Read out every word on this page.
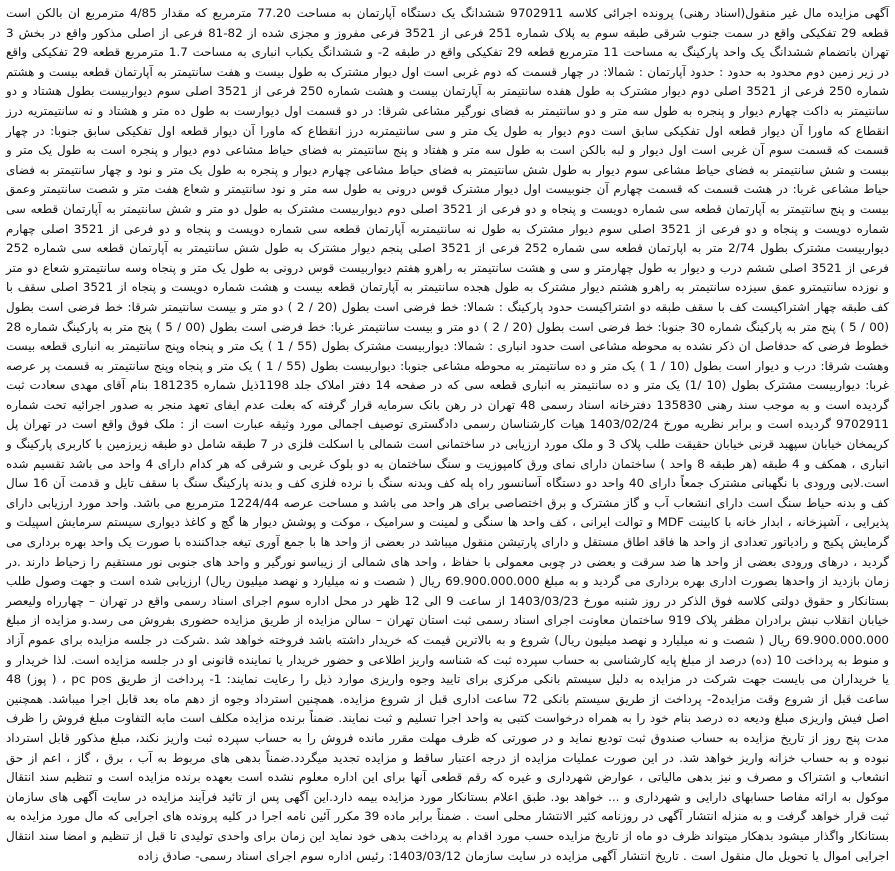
آگهی مزایده مال غیر منقول(اسناد رهنی) پرونده اجرائی کلاسه 9702911 ششدانگ یک دستگاه آپارتمان به مساحت 77.20 مترمربع که مقدار 4/85 مترمربع ان بالکن است قطعه 29 تفکیکی واقع در سمت جنوب شرقی طبقه سوم به پلاک شماره 251 فرعی از 3521 فرعی مفروز و مجزی شده از 82-81 فرعی از اصلی مذکور واقع در بخش 3 تهران باتضمام ششدانگ یک واحد پارکینگ به مساحت 11 مترمربع قطعه 29 تفکیکی واقع در طبقه 2- و ششدانگ یکباب انباری به مساحت 1.7 مترمربع قطعه 29 تفکیکی واقع در زیر زمین دوم محدود به حدود : حدود آپارتمان : شمالا: در چهار قسمت که دوم غربی است اول دیوار مشترک به طول بیست و هفت سانتیمتر به آپارتمان قطعه بیست و هشتم شماره 250 فرعی از 3521 اصلی دوم دیوار مشترک به طول هفده سانتیمتر به آپارتمان بیست و هشت شماره 250 فرعی از 3521 اصلی سوم دیواربیست بطول هشتاد و دو سانتیمتر به داکت چهارم دیوار و پنجره به طول سه متر و دو سانتیمتر به فضای نورگیر مشاعی شرقا: در دو قسمت اول دیوارست به طول ده متر و هشتاد و نه سانتیمتریه درز انقطاع که ماورا آن دیوار قطعه اول تفکیکی سابق است دوم دیوار به طول یک متر و سی سانتیمتربه درز انقطاع که ماورا آن دیوار قطعه اول تفکیکی سابق جنوبا: در چهار قسمت که قسمت سوم آن غربی است اول دیوار و لبه بالکن است به طول سه متر و هفتاد و پنج سانتیمتر به فضای حیاط مشاعی دوم دیوار و پنجره است به طول یک متر و بیست و شش سانتیمتر به فضای حیاط مشاعی سوم دیوار به طول شش سانتیمتر به فضای حیاط مشاعی چهارم دیوار و پنجره به طول یک متر و نود و چهار سانتیمتر به فضای حیاط مشاعی غربا: در هشت قسمت که قسمت چهارم آن جنوبیست اول دیوار مشترک قوس درونی به طول سه متر و نود سانتیمتر و شعاع هفت متر و شصت سانتیمتر وعمق بیست و پنج سانتیمتر به آپارتمان قطعه سی شماره دویست و پنجاه و دو فرعی از 3521 اصلی دوم دیواربیست مشترک به طول دو متر و شش سانتیمتر به آپارتمان قطعه سی شماره دویست و پنجاه و دو فرعی از 3521 اصلی سوم دیوار مشترک به طول نه سانتیمتربه آپارتمان قطعه سی شماره دویست و پنجاه و دو فرعی از 3521 اصلی چهارم دیواربیست مشترک بطول 2/74 متر به اپارتمان قطعه سی شماره 252 فرعی از 3521 اصلی پنجم دیوار مشترک به طول شش سانتیمتر به آپارتمان قطعه سی شماره 252 فرعی از 3521 اصلی ششم درب و دیوار به طول چهارمتر و سی و هشت سانتیمتر به راهرو هفتم دیواربیست قوس درونی به طول یک متر و پنجاه وسه سانتیمترو شعاع دو متر و نوزده سانتیمترو عمق سیزده سانتیمتر به راهرو هشتم دیوار مشترک به طول هجده سانتیمتر به آپارتمان قطعه بیست و هشت شماره دویست و پنجاه از 3521 اصلی سقف با کف طبقه چهار اشتراکیست کف با سقف طبقه دو اشتراکیست حدود پارکینگ : شمالا: خط فرضی است بطول (20 / 2 ) دو متر و بیست سانتیمتر شرقا: خط فرضی است بطول (00 / 5 ) پنج متر به پارکینگ شماره 30 جنوبا: خط فرضی است بطول (20 / 2 ) دو متر و بیست سانتیمتر غربا: خط فرضی است بطول (00 / 5 ) پنج متر به پارکینگ شماره 28 خطوط فرضی که حدفاصل ان ذکر نشده به محوطه مشاعی است حدود انباری : شمالا: دیواربیست مشترک بطول (55 / 1 ) یک متر و پنجاه وپنج سانتیمتر به انباری قطعه بیست وهشت شرقا: درب و دیوار است بطول (10 / 1 ) یک متر و ده سانتیمتر به محوطه مشاعی جنوبا: دیواربیست بطول (55 / 1 ) یک متر و پنجاه وپنج سانتیمتر به قسمت پر عرصه غربا: دیواربیست مشترک بطول (10 /1) یک متر و ده سانتیمتر به انباری قطعه سی که در صفحه 14 دفتر املاک جلد 1198ذیل شماره 181235 بنام آقای مهدی سعادت ثبت گردیده است و به موجب سند رهنی 135830 دفترخانه اسناد رسمی 48 تهران در رهن بانک سرمایه قرار گرفته که بعلت عدم ایفای تعهد منجر به صدور اجرائیه تحت شماره 9702911 گردیده است و برابر نظریه مورخ 1403/02/24 هیات کارشناسان رسمی دادگستری توصیف اجمالی مورد وثیقه عبارت است از : ملک فوق واقع است در تهران پل کریمخان خیابان سپهبد قرنی خیابان حقیقت طلب پلاک 3 و ملک مورد ارزیابی در ساختمانی است شمالی با اسکلت فلزی در 7 طبقه شامل دو طبقه زیرزمین با کاربری پارکینگ و انباری ، همکف و 4 طبقه (هر طبقه 8 واحد ) ساختمان دارای نمای ورق کامپوزیت و سنگ ساختمان به دو بلوک غربی و شرقی که هر کدام دارای 4 واحد می باشد تقسیم شده است.لابی ورودی با نگهبانی مشترک جمعاً دارای 40 واحد دو دستگاه آسانسور راه پله کف وبدنه سنگ با نرده فلزی کف و بدنه پارکینگ سنگ با سقف تایل و قدمت آن 16 سال کف و بدنه حیاط سنگ است دارای انشعاب آب و گاز مشترک و برق اختصاصی برای هر واحد می باشد و مساحت عرصه 1224/44 مترمربع می باشد. واحد مورد ارزیابی دارای پذیرایی ، آشپزخانه ، ابدار خانه با کابینت MDF و توالت ایرانی ، کف واحد ها سنگی و لمینت و سرامیک ، موکت و پوشش دیوار ها گچ و کاغذ دیواری سیستم سرمایش اسپیلت و گرمایش پکیج و رادیاتور تعدادی از واحد ها فاقد اطاق مستقل و دارای پارتیشن منقول میباشد در بعضی از واحد ها با جمع آوری تیغه جداکننده با صورت یک واحد بهره برداری می گردید ، درهای ورودی بعضی از واحد ها ضد سرقت و بعضی در چوبی معمولی با حفاظ ، واحد های شمالی از زیباسو نورگیر و واحد های جنوبی نور مستقیم را زحیاط دارند .در زمان بازدید از واحدها بصورت اداری بهره برداری می گردید و به مبلغ 69.900.000.000 ریال ( شصت و نه میلیارد و نهصد میلیون ریال) ارزیابی شده است و جهت وصول طلب بستانکار و حقوق دولتی کلاسه فوق الذکر در روز شنبه مورخ 1403/03/23 از ساعت 9 الی 12 ظهر در محل اداره سوم اجرای اسناد رسمی واقع در تهران – چهارراه ولیعصر خیابان انقلاب نبش برادران مظفر پلاک 919 ساختمان معاونت اجرای اسناد رسمی ثبت استان تهران – سالن مزایده از طریق مزایده حضوری بفروش می رسد.و مزایده از مبلغ 69.900.000.000 ریال ( شصت و نه میلیارد و نهصد میلیون ریال) شروع و به بالاترین قیمت که خریدار داشته باشد فروخته خواهد شد .شرکت در جلسه مزایده برای عموم آزاد و منوط به پرداخت 10 (ده) درصد از مبلغ پایه کارشناسی به حساب سپرده ثبت که شناسه واریز اطلاعی و حضور خریدار یا نماینده قانونی او در جلسه مزایده است. لذا خریدار و یا خریداران می بایست جهت شرکت در مزایده به دلیل سیستم بانکی مرکزی برای تایید وجوه واریزی موارد ذیل را رعایت نمایند: 1- پرداخت از طریق pc pos ، ( پوز) 48 ساعت قبل از شروع وقت مزایده2- پرداخت از طریق سیستم بانکی 72 ساعت اداری قبل از شروع مزایده. همچنین استرداد وجوه از دهم ماه بعد قابل اجرا میباشد. همچنین اصل فیش واریزی مبلغ ودیعه ده درصد بنام خود را به همراه درخواست کتبی به واحد اجرا تسلیم و ثبت نمایند. ضمناً برنده مزایده مکلف است مابه التفاوت مبلغ فروش را ظرف مدت پنج روز از تاریخ مزایده به حساب صندوق ثبت تودیع نماید و در صورتی که ظرف مهلت مقرر مانده فروش را به حساب سپرده ثبت واریز نکند، مبلغ مذکور قابل استرداد نبوده و به حساب خزانه واریز خواهد شد. در این صورت عملیات مزایده از درجه اعتبار ساقط و مزایده تجدید میگردد.ضمناً بدهی های مربوط به آب ، برق ، گاز ، اعم از حق انشعاب و اشتراک و مصرف و نیز بدهی مالیاتی ، عوارض شهرداری و غیره که رقم قطعی آنها برای این اداره معلوم نشده است بعهده برنده مزایده است و تنظیم سند انتقال موکول به ارائه مفاصا حسابهای دارایی و شهرداری و ... خواهد بود. طبق اعلام بستانکار مورد مزایده بیمه دارد.این آگهی پس از تائید فرآیند مزایده در سایت آگهی های سازمان ثبت قرار خواهد گرفت و به منزله انتشار آگهی در روزنامه کثیر الانتشار محلی است . ضمناً برابر ماده 39 مکرر آئین نامه اجرا در کلیه پرونده های اجرایی که مال مورد مزایده به بستانکار واگذار میشود بدهکار میتواند ظرف دو ماه از تاریخ مزایده حسب مورد اقدام به پرداخت بدهی خود نماید این زمان برای واحدی تولیدی تا قبل از تنظیم و امضا سند انتقال اجرایی اموال یا تحویل مال منقول است . تاریخ انتشار آگهی مزایده در سایت سازمان 1403/03/12: رئیس اداره سوم اجرای اسناد رسمی- صادق زاده
